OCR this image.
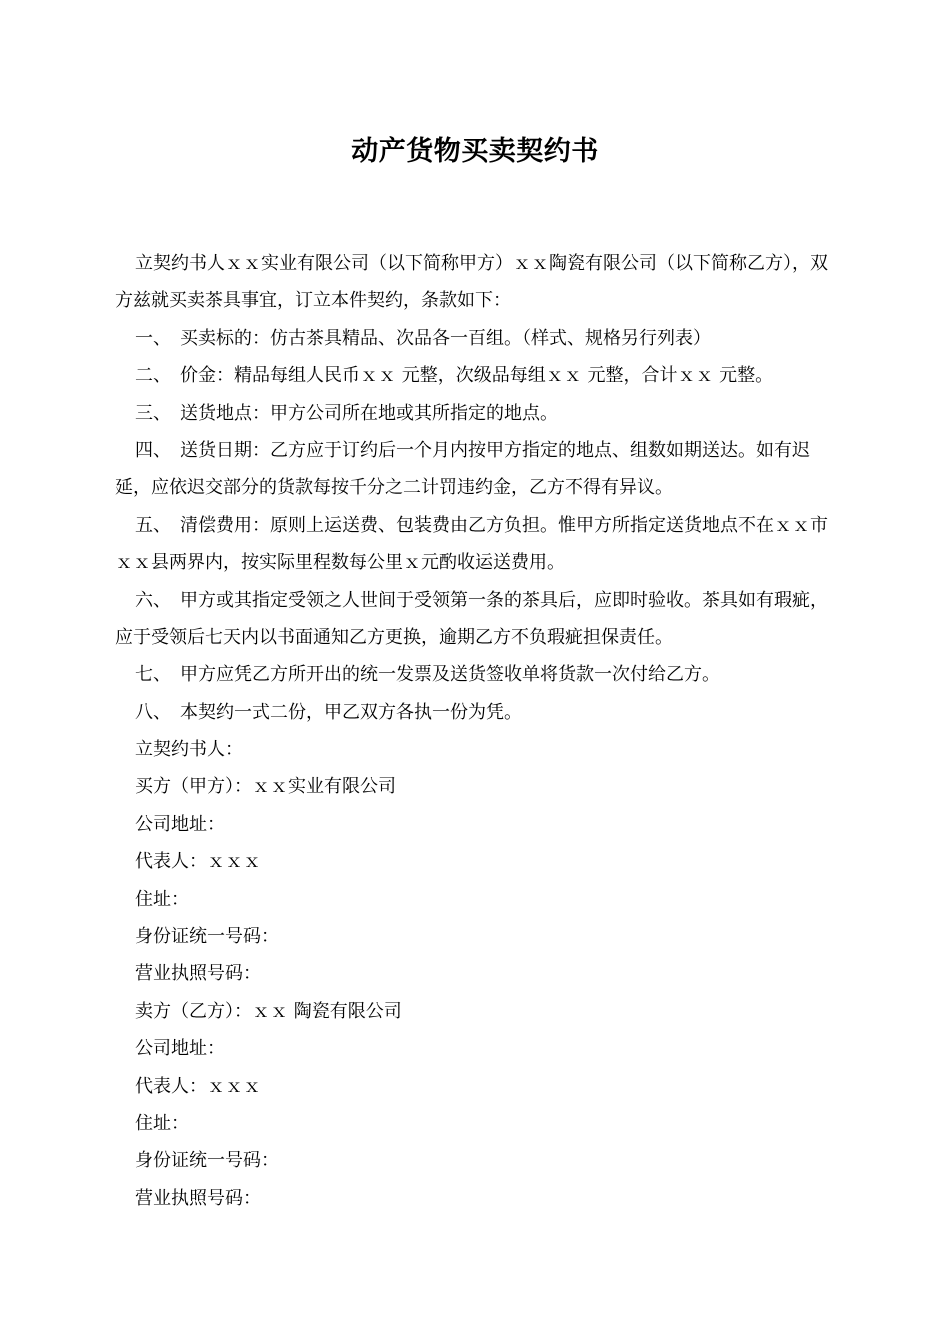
动产货物买卖契约书

立契约书人ｘｘ实业有限公司（以下简称甲方）ｘｘ陶瓷有限公司（以下简称乙方），双方兹就买卖茶具事宜，订立本件契约，条款如下：

一、　买卖标的：仿古茶具精品、次品各一百组。（样式、规格另行列表）

二、　价金：精品每组人民币ｘｘ 元整，次级品每组ｘｘ 元整，合计ｘｘ 元整。

三、　送货地点：甲方公司所在地或其所指定的地点。

四、　送货日期：乙方应于订约后一个月内按甲方指定的地点、组数如期送达。如有迟延，应依迟交部分的货款每按千分之二计罚违约金，乙方不得有异议。

五、　清偿费用：原则上运送费、包装费由乙方负担。惟甲方所指定送货地点不在ｘｘ市ｘｘ县两界内，按实际里程数每公里ｘ元酌收运送费用。

六、　甲方或其指定受领之人世间于受领第一条的茶具后，应即时验收。茶具如有瑕疵，应于受领后七天内以书面通知乙方更换，逾期乙方不负瑕疵担保责任。

七、　甲方应凭乙方所开出的统一发票及送货签收单将货款一次付给乙方。

八、　本契约一式二份，甲乙双方各执一份为凭。

立契约书人：
买方（甲方）：ｘｘ实业有限公司
公司地址：
代表人：ｘｘｘ
住址：
身份证统一号码：
营业执照号码：
卖方（乙方）：ｘｘ 陶瓷有限公司
公司地址：
代表人：ｘｘｘ
住址：
身份证统一号码：
营业执照号码：
